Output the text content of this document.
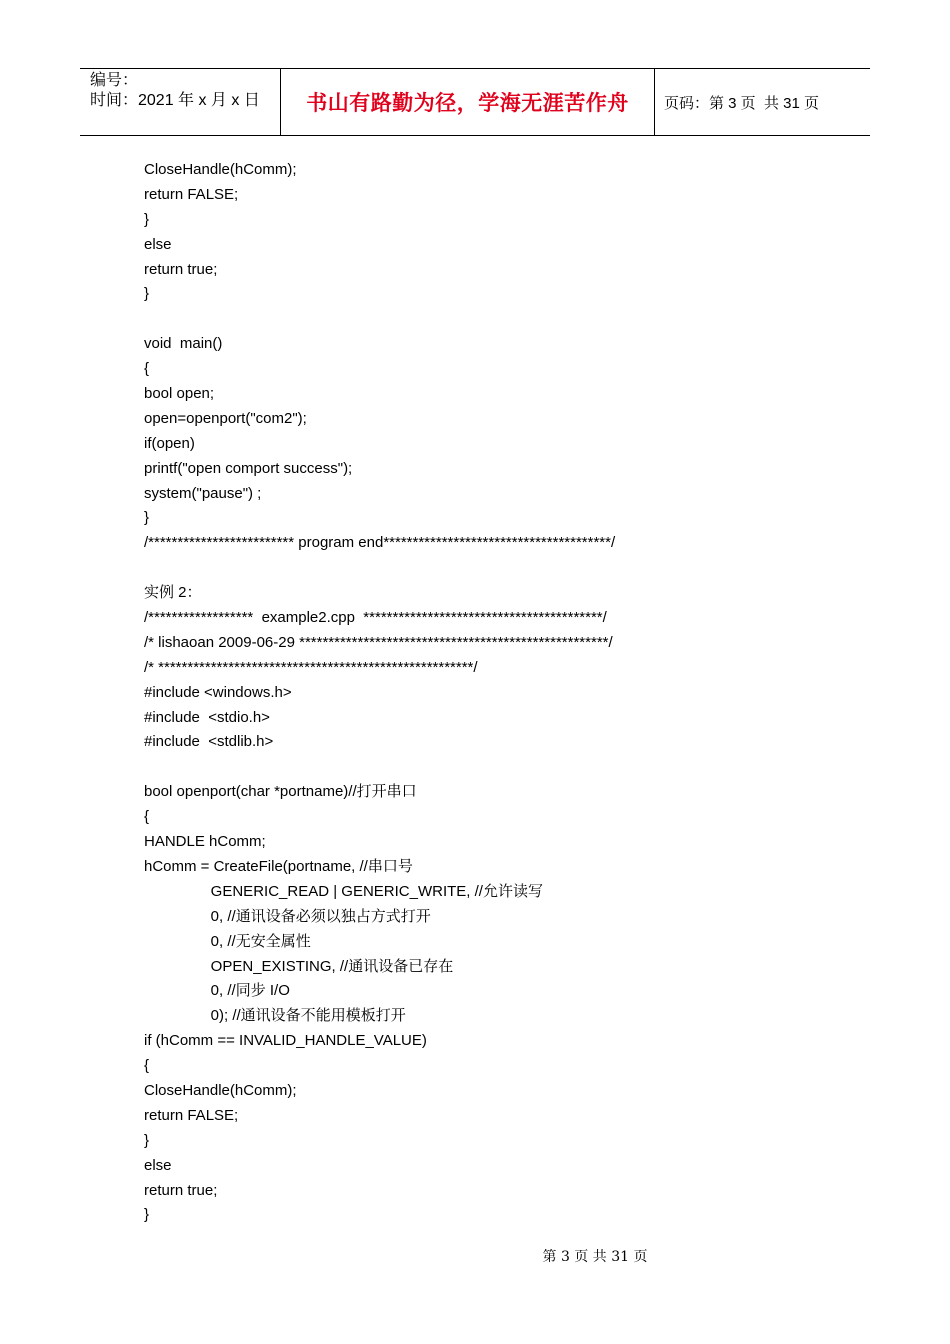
编号：
时间：2021 年 x 月 x 日	书山有路勤为径，学海无涯苦作舟	页码：第 3 页  共 31 页
CloseHandle(hComm);
return FALSE;
}
else
return true;
}
void  main()
{
bool open;
open=openport("com2");
if(open)
printf("open comport success");
system("pause") ;
}
/************************* program end***************************************/
实例 2：
/******************  example2.cpp  *****************************************/
/* lishaoan 2009-06-29 *****************************************************/
/* ******************************************************/
#include <windows.h>
#include  <stdio.h>
#include  <stdlib.h>
bool openport(char *portname)//打开串口
{
HANDLE hComm;
hComm = CreateFile(portname, //串口号
GENERIC_READ | GENERIC_WRITE, //允许读写
0, //通讯设备必须以独占方式打开
0, //无安全属性
OPEN_EXISTING, //通讯设备已存在
0, //同步 I/O
0); //通讯设备不能用模板打开
if (hComm == INVALID_HANDLE_VALUE)
{
CloseHandle(hComm);
return FALSE;
}
else
return true;
}
第 3 页 共 31 页
